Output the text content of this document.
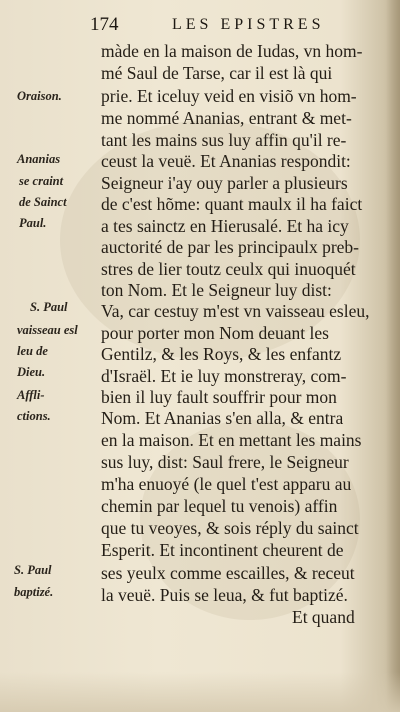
174	LES EPISTRES

Oraison.

Ananias

se craint

de Sainct

Paul.

S. Paul

vaisseau esl

leu de

Dieu.

Affli-

ctions.

S. Paul

baptizé.

màde en la maison de Iudas, vn hom-

mé Saul de Tarse, car il est là qui

prie. Et iceluy veid en visiõ vn hom-

me nommé Ananias, entrant & met-

tant les mains sus luy affin qu'il re-

ceust la veuë. Et Ananias respondit:

Seigneur i'ay ouy parler a plusieurs

de c'est hõme: quant maulx il ha faict

a tes sainctz en Hierusalé. Et ha icy

auctorité de par les principaulx preb-

stres de lier toutz ceulx qui inuoquét

ton Nom. Et le Seigneur luy dist:

Va, car cestuy m'est vn vaisseau esleu,

pour porter mon Nom deuant les

Gentilz, & les Roys, & les enfantz

d'Israël. Et ie luy monstreray, com-

bien il luy fault souffrir pour mon

Nom. Et Ananias s'en alla, & entra

en la maison. Et en mettant les mains

sus luy, dist: Saul frere, le Seigneur

m'ha enuoyé (le quel t'est apparu au

chemin par lequel tu venois) affin

que tu veoyes, & sois réply du sainct

Esperit. Et incontinent cheurent de

ses yeulx comme escailles, & receut

la veuë. Puis se leua, & fut baptizé.

Et quand
